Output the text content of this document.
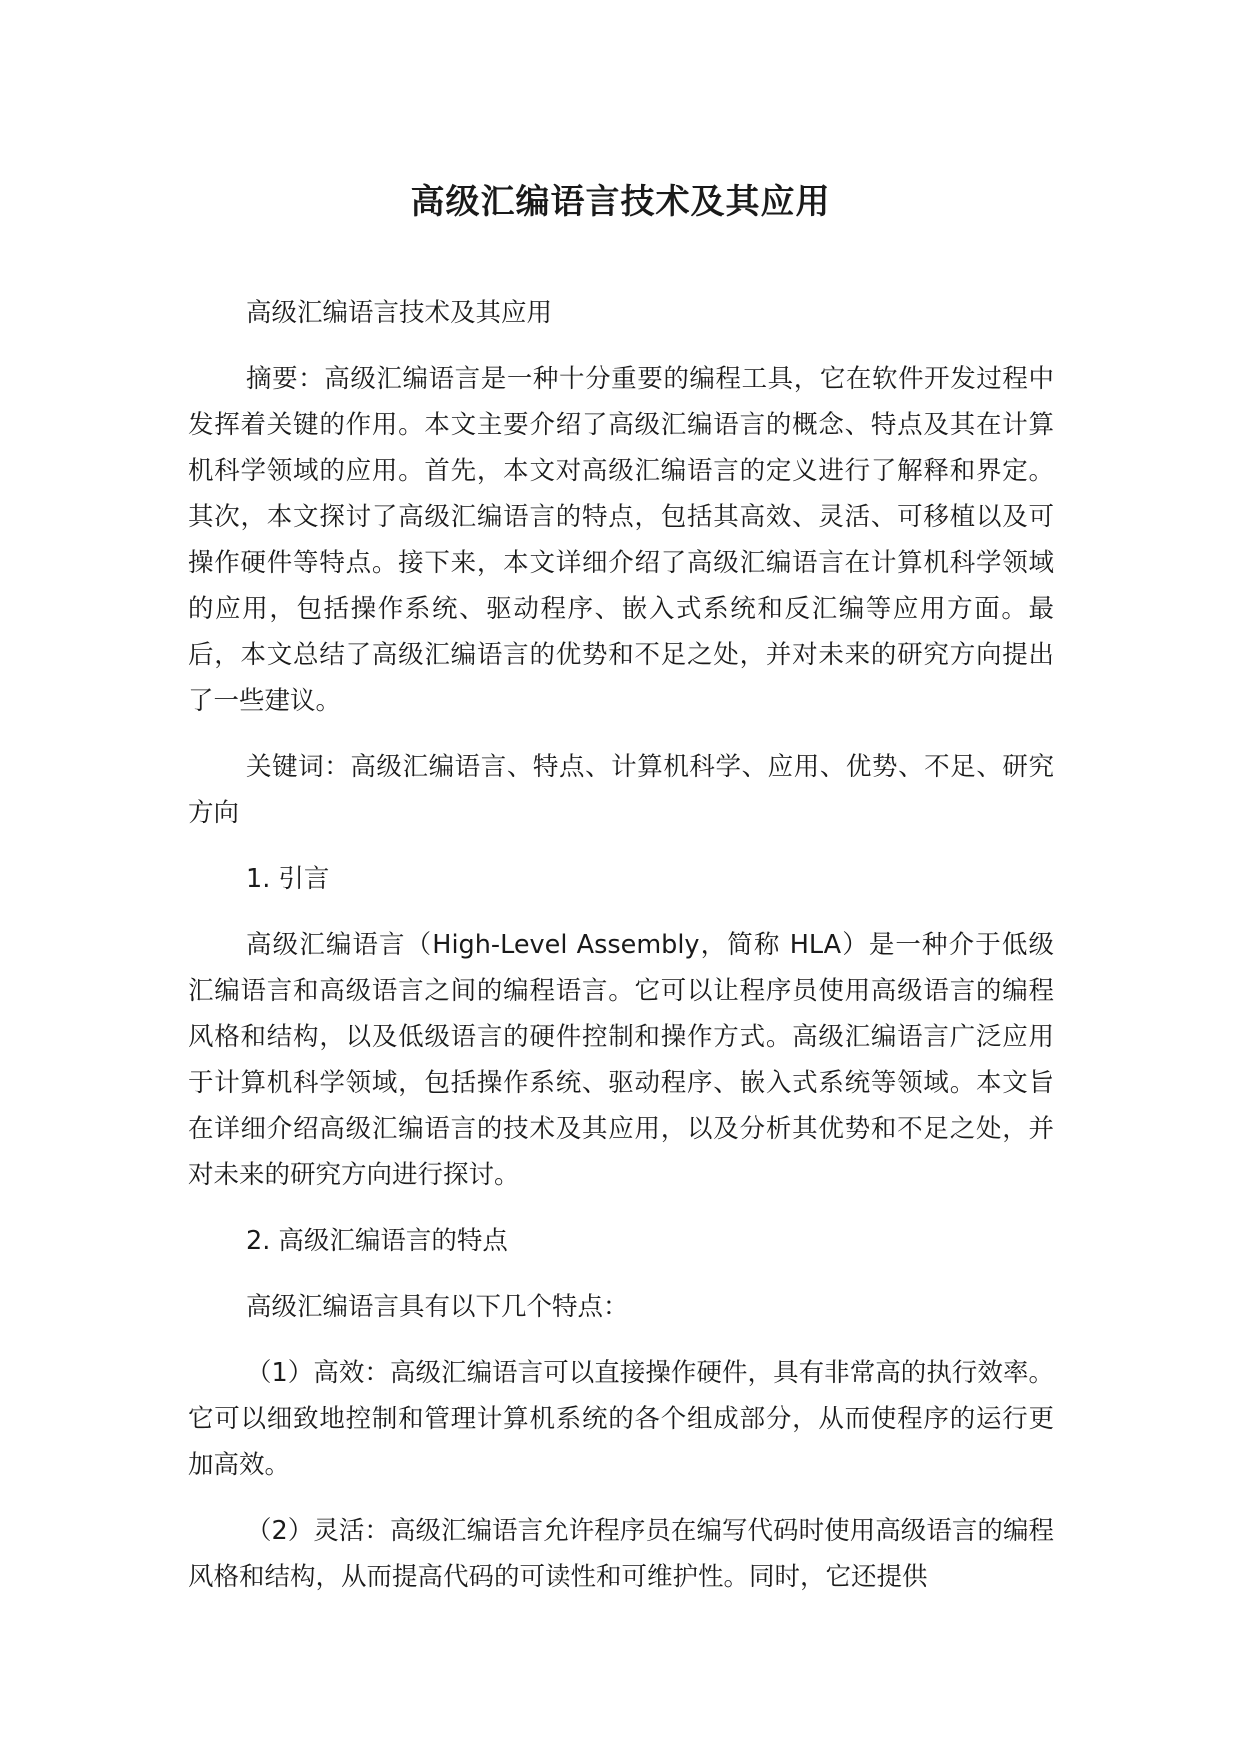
高级汇编语言技术及其应用

高级汇编语言技术及其应用

摘要：高级汇编语言是一种十分重要的编程工具，它在软件开发过程中发挥着关键的作用。本文主要介绍了高级汇编语言的概念、特点及其在计算机科学领域的应用。首先，本文对高级汇编语言的定义进行了解释和界定。其次，本文探讨了高级汇编语言的特点，包括其高效、灵活、可移植以及可操作硬件等特点。接下来，本文详细介绍了高级汇编语言在计算机科学领域的应用，包括操作系统、驱动程序、嵌入式系统和反汇编等应用方面。最后，本文总结了高级汇编语言的优势和不足之处，并对未来的研究方向提出了一些建议。

关键词：高级汇编语言、特点、计算机科学、应用、优势、不足、研究方向

1. 引言

高级汇编语言（High-Level Assembly，简称 HLA）是一种介于低级汇编语言和高级语言之间的编程语言。它可以让程序员使用高级语言的编程风格和结构，以及低级语言的硬件控制和操作方式。高级汇编语言广泛应用于计算机科学领域，包括操作系统、驱动程序、嵌入式系统等领域。本文旨在详细介绍高级汇编语言的技术及其应用，以及分析其优势和不足之处，并对未来的研究方向进行探讨。

2. 高级汇编语言的特点

高级汇编语言具有以下几个特点：

（1）高效：高级汇编语言可以直接操作硬件，具有非常高的执行效率。它可以细致地控制和管理计算机系统的各个组成部分，从而使程序的运行更加高效。

（2）灵活：高级汇编语言允许程序员在编写代码时使用高级语言的编程风格和结构，从而提高代码的可读性和可维护性。同时，它还提供
